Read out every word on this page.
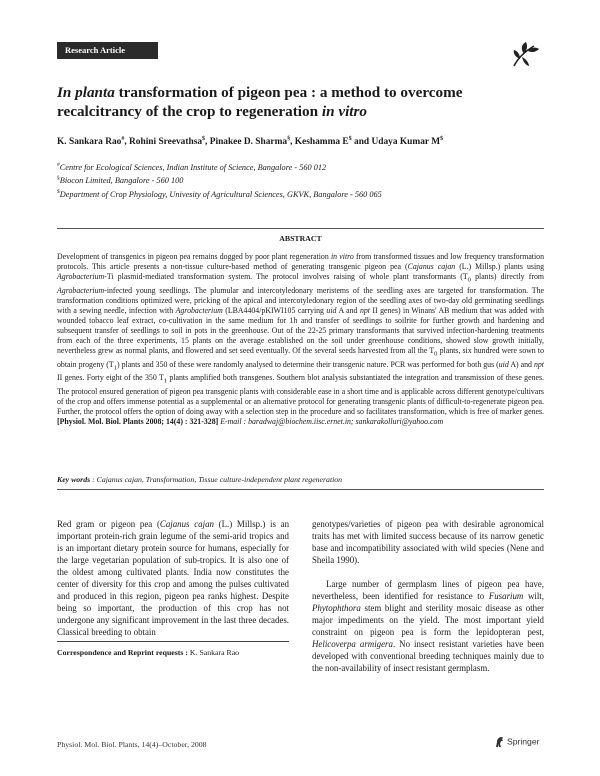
Research Article
In planta transformation of pigeon pea : a method to overcome recalcitrancy of the crop to regeneration in vitro
K. Sankara Rao#, Rohini Sreevathsa$, Pinakee D. Sharma§, Keshamma E$ and Udaya Kumar M$
#Centre for Ecological Sciences, Indian Institute of Science, Bangalore - 560 012
§Biocon Limited, Bangalore - 560 100
$Department of Crop Physiology, Univesity of Agricultural Sciences, GKVK, Bangalore - 560 065
ABSTRACT
Development of transgenics in pigeon pea remains dogged by poor plant regeneration in vitro from transformed tissues and low frequency transformation protocols. This article presents a non-tissue culture-based method of generating transgenic pigeon pea (Cajanus cajan (L.) Millsp.) plants using Agrobacterium-Ti plasmid-mediated transformation system. The protocol involves raising of whole plant transformants ($T_0$ plants) directly from Agrobacterium-infected young seedlings. The plumular and intercotyledonary meristems of the seedling axes are targeted for transformation. The transformation conditions optimized were, pricking of the apical and intercotyledonary region of the seedling axes of two-day old germinating seedlings with a sewing needle, infection with Agrobacterium (LBA4404/pKIWI105 carrying uid A and npt II genes) in Winans' AB medium that was added with wounded tobacco leaf extract, co-cultivation in the same medium for 1h and transfer of seedlings to soilrite for further growth and hardening and subsequent transfer of seedlings to soil in pots in the greenhouse. Out of the 22-25 primary transformants that survived infection-hardening treatments from each of the three experiments, 15 plants on the average established on the soil under greenhouse conditions, showed slow growth initially, nevertheless grew as normal plants, and flowered and set seed eventually. Of the several seeds harvested from all the $T_0$ plants, six hundred were sown to obtain progeny $(T_1)$ plants and 350 of these were randomly analysed to determine their transgenic nature. PCR was performed for both gus (uid A) and npt II genes. Forty eight of the 350 $T_1$ plants amplified both transgenes. Southern blot analysis substantiated the integration and transmission of these genes. The protocol ensured generation of pigeon pea transgenic plants with considerable ease in a short time and is applicable across different genotype/cultivars of the crop and offers immense potential as a supplemental or an alternative protocol for generating transgenic plants of difficult-to-regenerate pigeon pea. Further, the protocol offers the option of doing away with a selection step in the procedure and so facilitates transformation, which is free of marker genes. [Physiol. Mol. Biol. Plants 2008; 14(4) : 321-328] E-mail : baradwaj@biochem.iisc.ernet.in; sankarakolluri@yahoo.com
Key words : Cajanus cajan, Transformation, Tissue culture-independent plant regeneration

Red gram or pigeon pea (Cajanus cajan (L.) Millsp.) is an important protein-rich grain legume of the semi-arid tropics and is an important dietary protein source for humans, especially for the large vegetarian population of sub-tropics. It is also one of the oldest among cultivated plants. India now constitutes the center of diversity for this crop and among the pulses cultivated and produced in this region, pigeon pea ranks highest. Despite being so important, the production of this crop has not undergone any significant improvement in the last three decades. Classical breeding to obtain

genotypes/varieties of pigeon pea with desirable agronomical traits has met with limited success because of its narrow genetic base and incompatibility associated with wild species (Nene and Sheila 1990).

Large number of germplasm lines of pigeon pea have, nevertheless, been identified for resistance to Fusarium wilt, Phytophthora stem blight and sterility mosaic disease as other major impediments on the yield. The most important yield constraint on pigeon pea is form the lepidopteran pest, Helicoverpa armigera. No insect resistant varieties have been developed with conventional breeding techniques mainly due to the non-availability of insect resistant germplasm.

Correspondence and Reprint requests : K. Sankara Rao
Physiol. Mol. Biol. Plants, 14(4)–October, 2008	Springer
